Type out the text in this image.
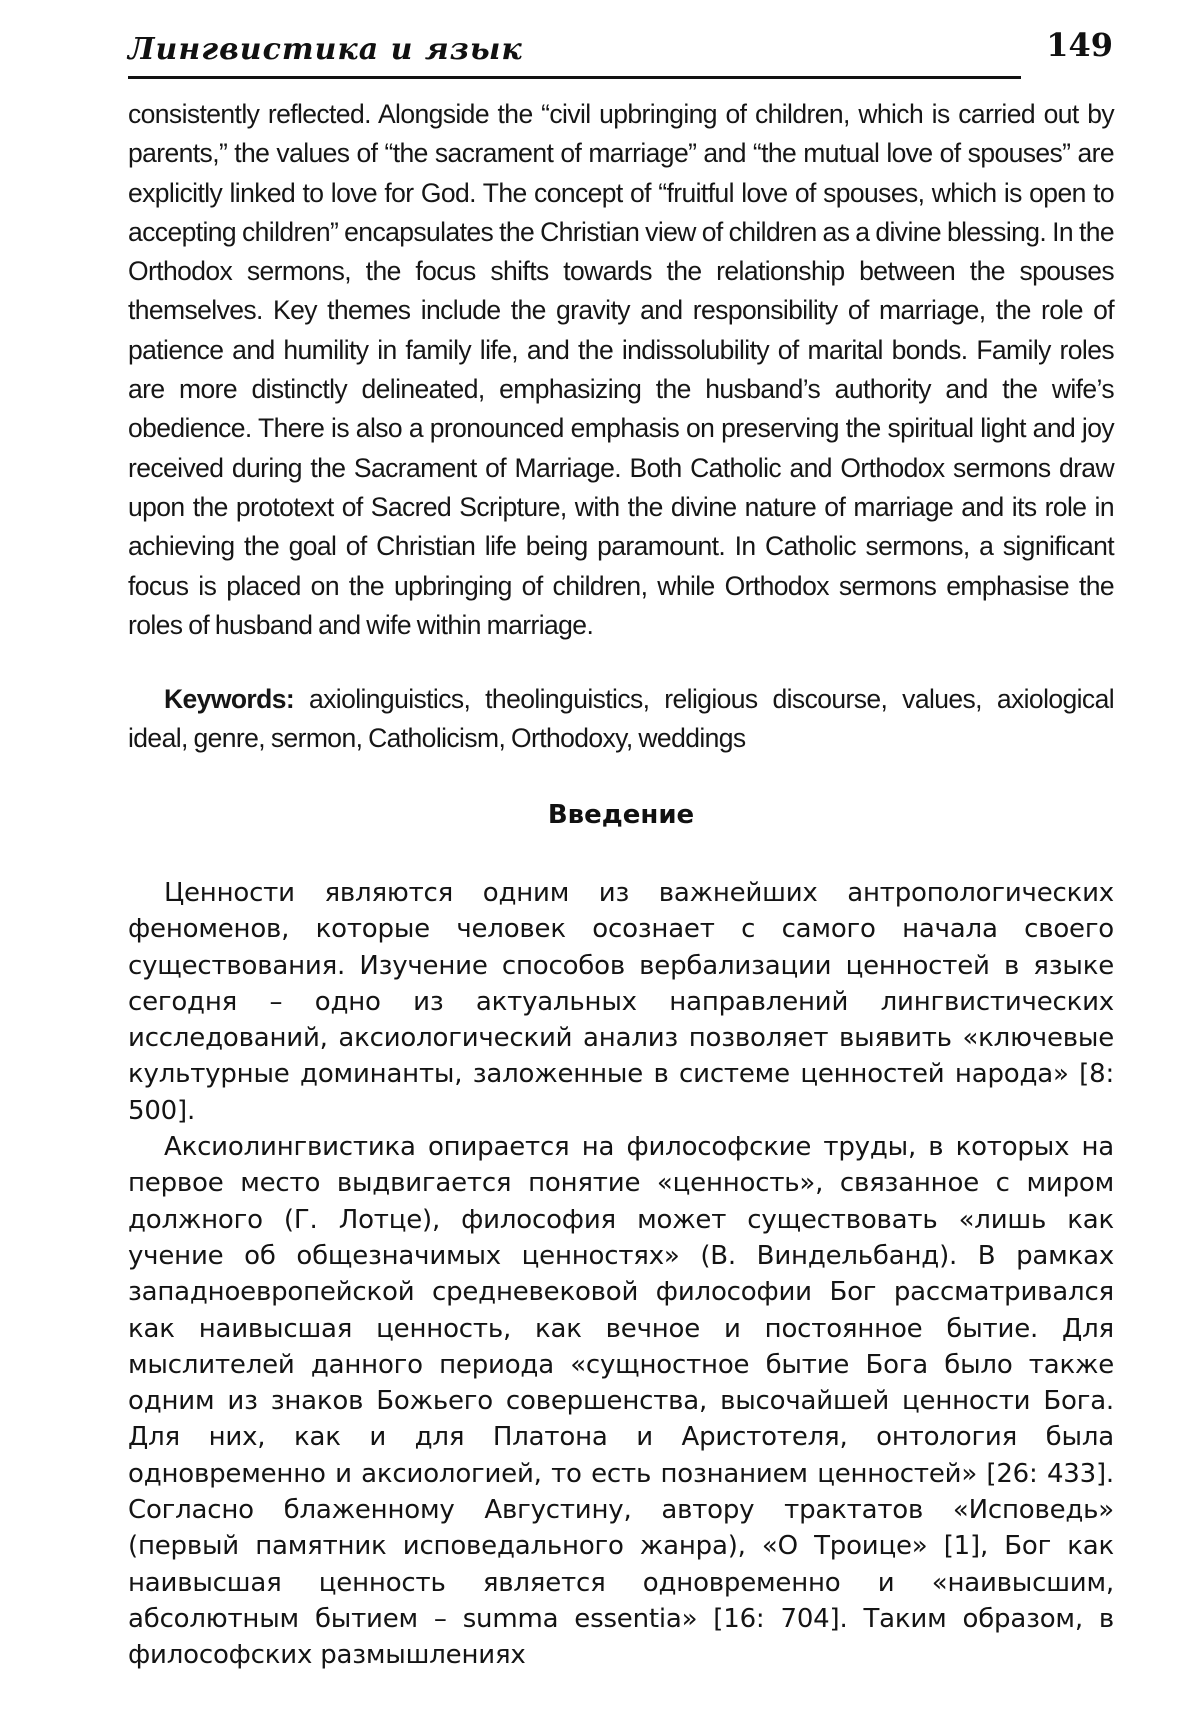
Лингвистика и язык	149

consistently reflected. Alongside the “civil upbringing of children, which is carried out by parents,” the values of “the sacrament of marriage” and “the mutual love of spouses” are explicitly linked to love for God. The concept of “fruitful love of spouses, which is open to accepting children” encapsulates the Christian view of children as a divine blessing. In the Orthodox sermons, the focus shifts towards the relationship between the spouses themselves. Key themes include the gravity and responsibility of marriage, the role of patience and humility in family life, and the indissolubility of marital bonds. Family roles are more distinctly delineated, emphasizing the husband’s authority and the wife’s obedience. There is also a pronounced emphasis on preserving the spiritual light and joy received during the Sacrament of Marriage. Both Catholic and Orthodox sermons draw upon the prototext of Sacred Scripture, with the divine nature of marriage and its role in achieving the goal of Christian life being paramount. In Catholic sermons, a significant focus is placed on the upbringing of children, while Orthodox sermons emphasise the roles of husband and wife within marriage.

Keywords: axiolinguistics, theolinguistics, religious discourse, values, axiological ideal, genre, sermon, Catholicism, Orthodoxy, weddings
Введение

Ценности являются одним из важнейших антропологических феноменов, которые человек осознает с самого начала своего существования. Изучение способов вербализации ценностей в языке сегодня – одно из актуальных направлений лингвистических исследований, аксиологический анализ позволяет выявить «ключевые культурные доминанты, заложенные в системе ценностей народа» [8: 500].

Аксиолингвистика опирается на философские труды, в которых на первое место выдвигается понятие «ценность», связанное с миром должного (Г. Лотце), философия может существовать «лишь как учение об общезначимых ценностях» (В. Виндельбанд). В рамках западноевропейской средневековой философии Бог рассматривался как наивысшая ценность, как вечное и постоянное бытие. Для мыслителей данного периода «сущностное бытие Бога было также одним из знаков Божьего совершенства, высочайшей ценности Бога. Для них, как и для Платона и Аристотеля, онтология была одновременно и аксиологией, то есть познанием ценностей» [26: 433]. Согласно блаженному Августину, автору трактатов «Исповедь» (первый памятник исповедального жанра), «О Троице» [1], Бог как наивысшая ценность является одновременно и «наивысшим, абсолютным бытием – summa essentia» [16: 704]. Таким образом, в философских размышлениях
